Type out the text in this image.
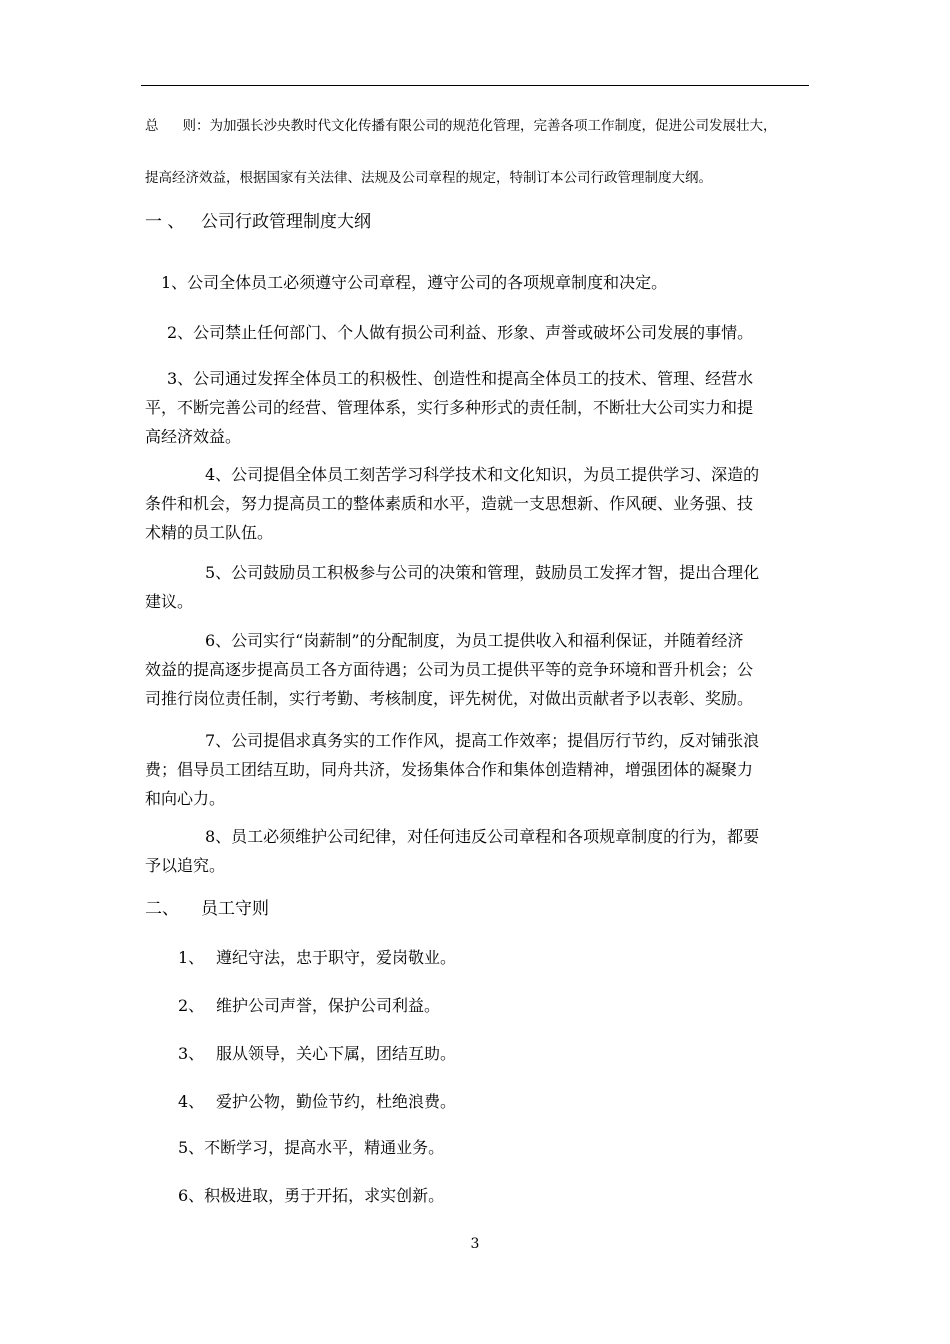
总 则：为加强长沙央教时代文化传播有限公司的规范化管理，完善各项工作制度，促进公司发展壮大，
提高经济效益，根据国家有关法律、法规及公司章程的规定，特制订本公司行政管理制度大纲。
一 、 公司行政管理制度大纲
1、公司全体员工必须遵守公司章程，遵守公司的各项规章制度和决定。
2、公司禁止任何部门、个人做有损公司利益、形象、声誉或破坏公司发展的事情。
3、公司通过发挥全体员工的积极性、创造性和提高全体员工的技术、管理、经营水
平，不断完善公司的经营、管理体系，实行多种形式的责任制，不断壮大公司实力和提
高经济效益。
4、公司提倡全体员工刻苦学习科学技术和文化知识，为员工提供学习、深造的
条件和机会，努力提高员工的整体素质和水平，造就一支思想新、作风硬、业务强、技
术精的员工队伍。
5、公司鼓励员工积极参与公司的决策和管理，鼓励员工发挥才智，提出合理化
建议。
6、公司实行“岗薪制”的分配制度，为员工提供收入和福利保证，并随着经济
效益的提高逐步提高员工各方面待遇；公司为员工提供平等的竞争环境和晋升机会；公
司推行岗位责任制，实行考勤、考核制度，评先树优，对做出贡献者予以表彰、奖励。
7、公司提倡求真务实的工作作风，提高工作效率；提倡厉行节约，反对铺张浪
费；倡导员工团结互助，同舟共济，发扬集体合作和集体创造精神，增强团体的凝聚力
和向心力。
8、员工必须维护公司纪律，对任何违反公司章程和各项规章制度的行为，都要
予以追究。
二、 员工守则
1、 遵纪守法，忠于职守，爱岗敬业。
2、 维护公司声誉，保护公司利益。
3、 服从领导，关心下属，团结互助。
4、 爱护公物，勤俭节约，杜绝浪费。
5、不断学习，提高水平，精通业务。
6、积极进取，勇于开拓，求实创新。
3
